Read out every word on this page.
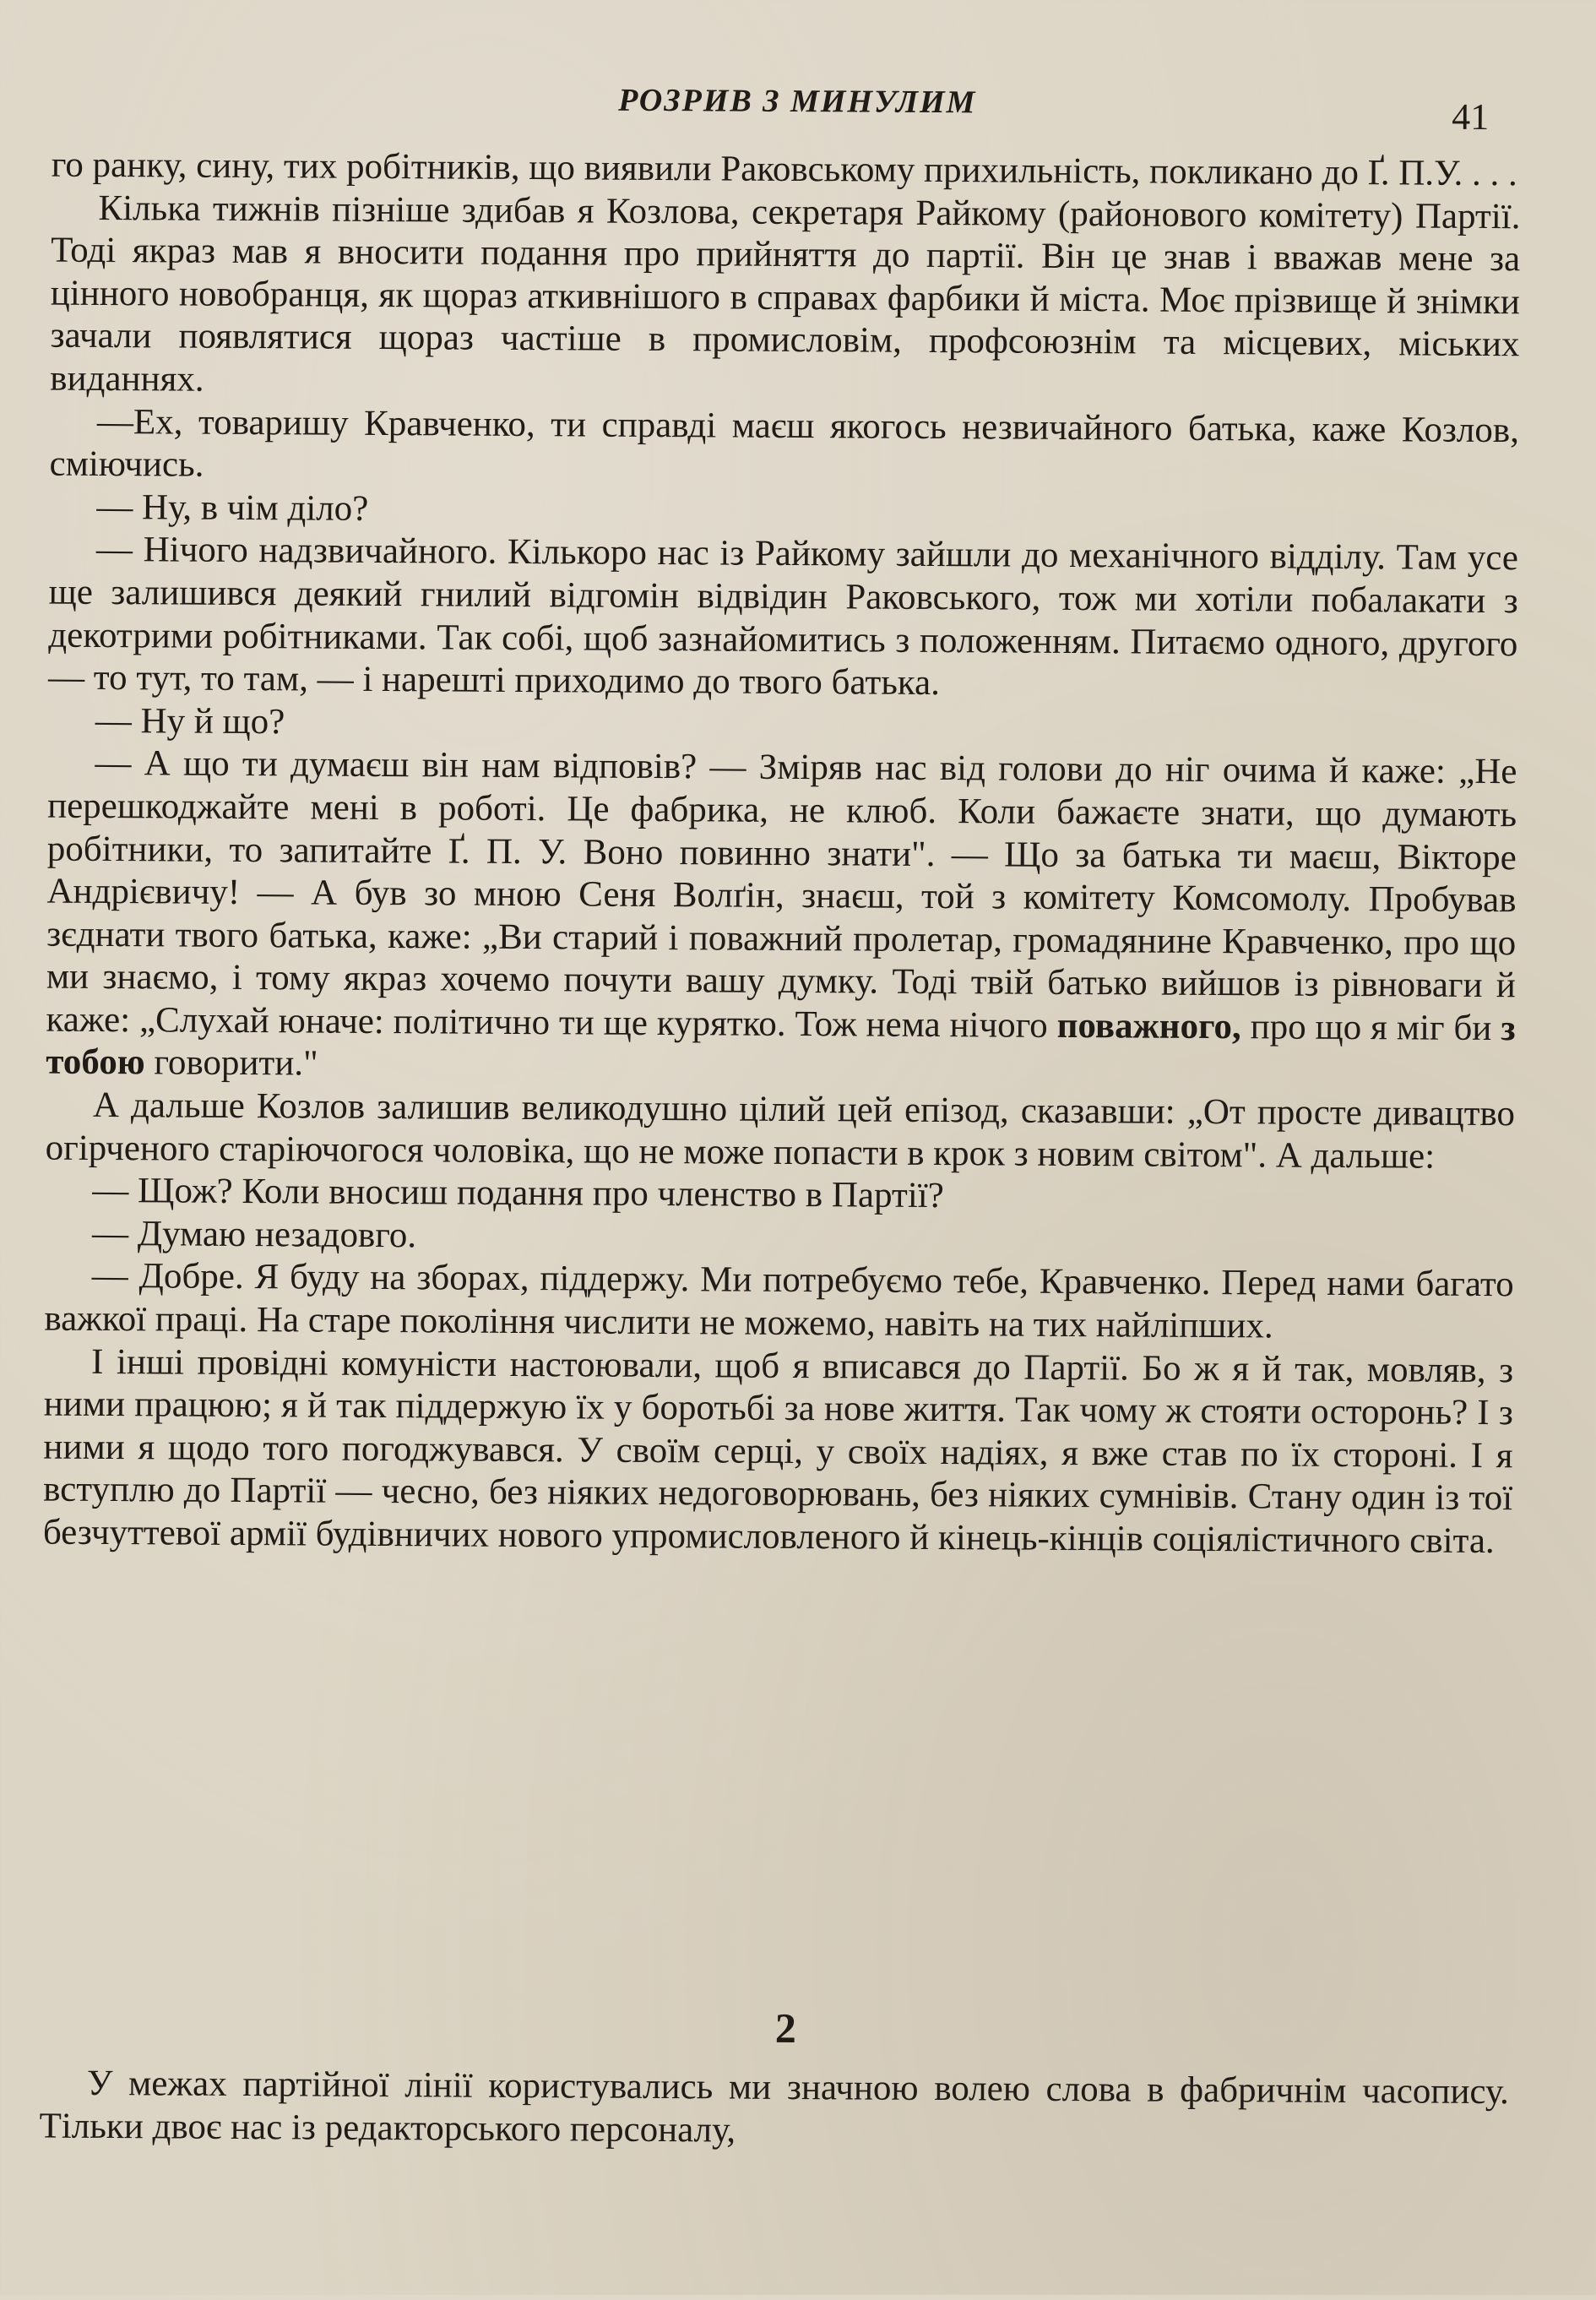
РОЗРИВ З МИНУЛИМ	41

го ранку, сину, тих робітників, що виявили Раковському прихильність, покликано до Ґ. П.У. . . .

Кілька тижнів пізніше здибав я Козлова, секретаря Райкому (районового комітету) Партії. Тоді якраз мав я вносити подання про прийняття до партії. Він це знав і вважав мене за цінного новобранця, як щораз аткивнішого в справах фарбики й міста. Моє прізвище й знімки зачали появлятися щораз частіше в промисловім, профсоюзнім та місцевих, міських виданнях.

—Ех, товаришу Кравченко, ти справді маєш якогось незвичайного батька, каже Козлов, сміючись.

— Ну, в чім діло?

— Нічого надзвичайного. Кількоро нас із Райкому зайшли до механічного відділу. Там усе ще залишився деякий гнилий відгомін відвідин Раковського, тож ми хотіли побалакати з декотрими робітниками. Так собі, щоб зазнайомитись з положенням. Питаємо одного, другого — то тут, то там, — і нарешті приходимо до твого батька.

— Ну й що?

— А що ти думаєш він нам відповів? — Зміряв нас від голови до ніг очима й каже: „Не перешкоджайте мені в роботі. Це фабрика, не клюб. Коли бажаєте знати, що думають робітники, то запитайте Ґ. П. У. Воно повинно знати". — Що за батька ти маєш, Вікторе Андрієвичу! — А був зо мною Сеня Волґін, знаєш, той з комітету Комсомолу. Пробував зєднати твого батька, каже: „Ви старий і поважний пролетар, громадянине Кравченко, про що ми знаємо, і тому якраз хочемо почути вашу думку. Тоді твій батько вийшов із рівноваги й каже: „Слухай юначе: політично ти ще курятко. Тож нема нічого поважного, про що я міг би з тобою говорити."

А дальше Козлов залишив великодушно цілий цей епізод, сказавши: „От просте дивацтво огірченого старіючогося чоловіка, що не може попасти в крок з новим світом". А дальше:

— Щож? Коли вносиш подання про членство в Партії?

— Думаю незадовго.

— Добре. Я буду на зборах, піддержу. Ми потребуємо тебе, Кравченко. Перед нами багато важкої праці. На старе покоління числити не можемо, навіть на тих найліпших.

І інші провідні комуністи настоювали, щоб я вписався до Партії. Бо ж я й так, мовляв, з ними працюю; я й так піддержую їх у боротьбі за нове життя. Так чому ж стояти осторонь? І з ними я щодо того погоджувався. У своїм серці, у своїх надіях, я вже став по їх стороні. І я вступлю до Партії — чесно, без ніяких недоговорювань, без ніяких сумнівів. Стану один із тої безчуттевої армії будівничих нового упромисловленого й кінець-кінців соціялістичного світа.

2

У межах партійної лінії користувались ми значною волею слова в фабричнім часопису. Тільки двоє нас із редакторського персоналу,
